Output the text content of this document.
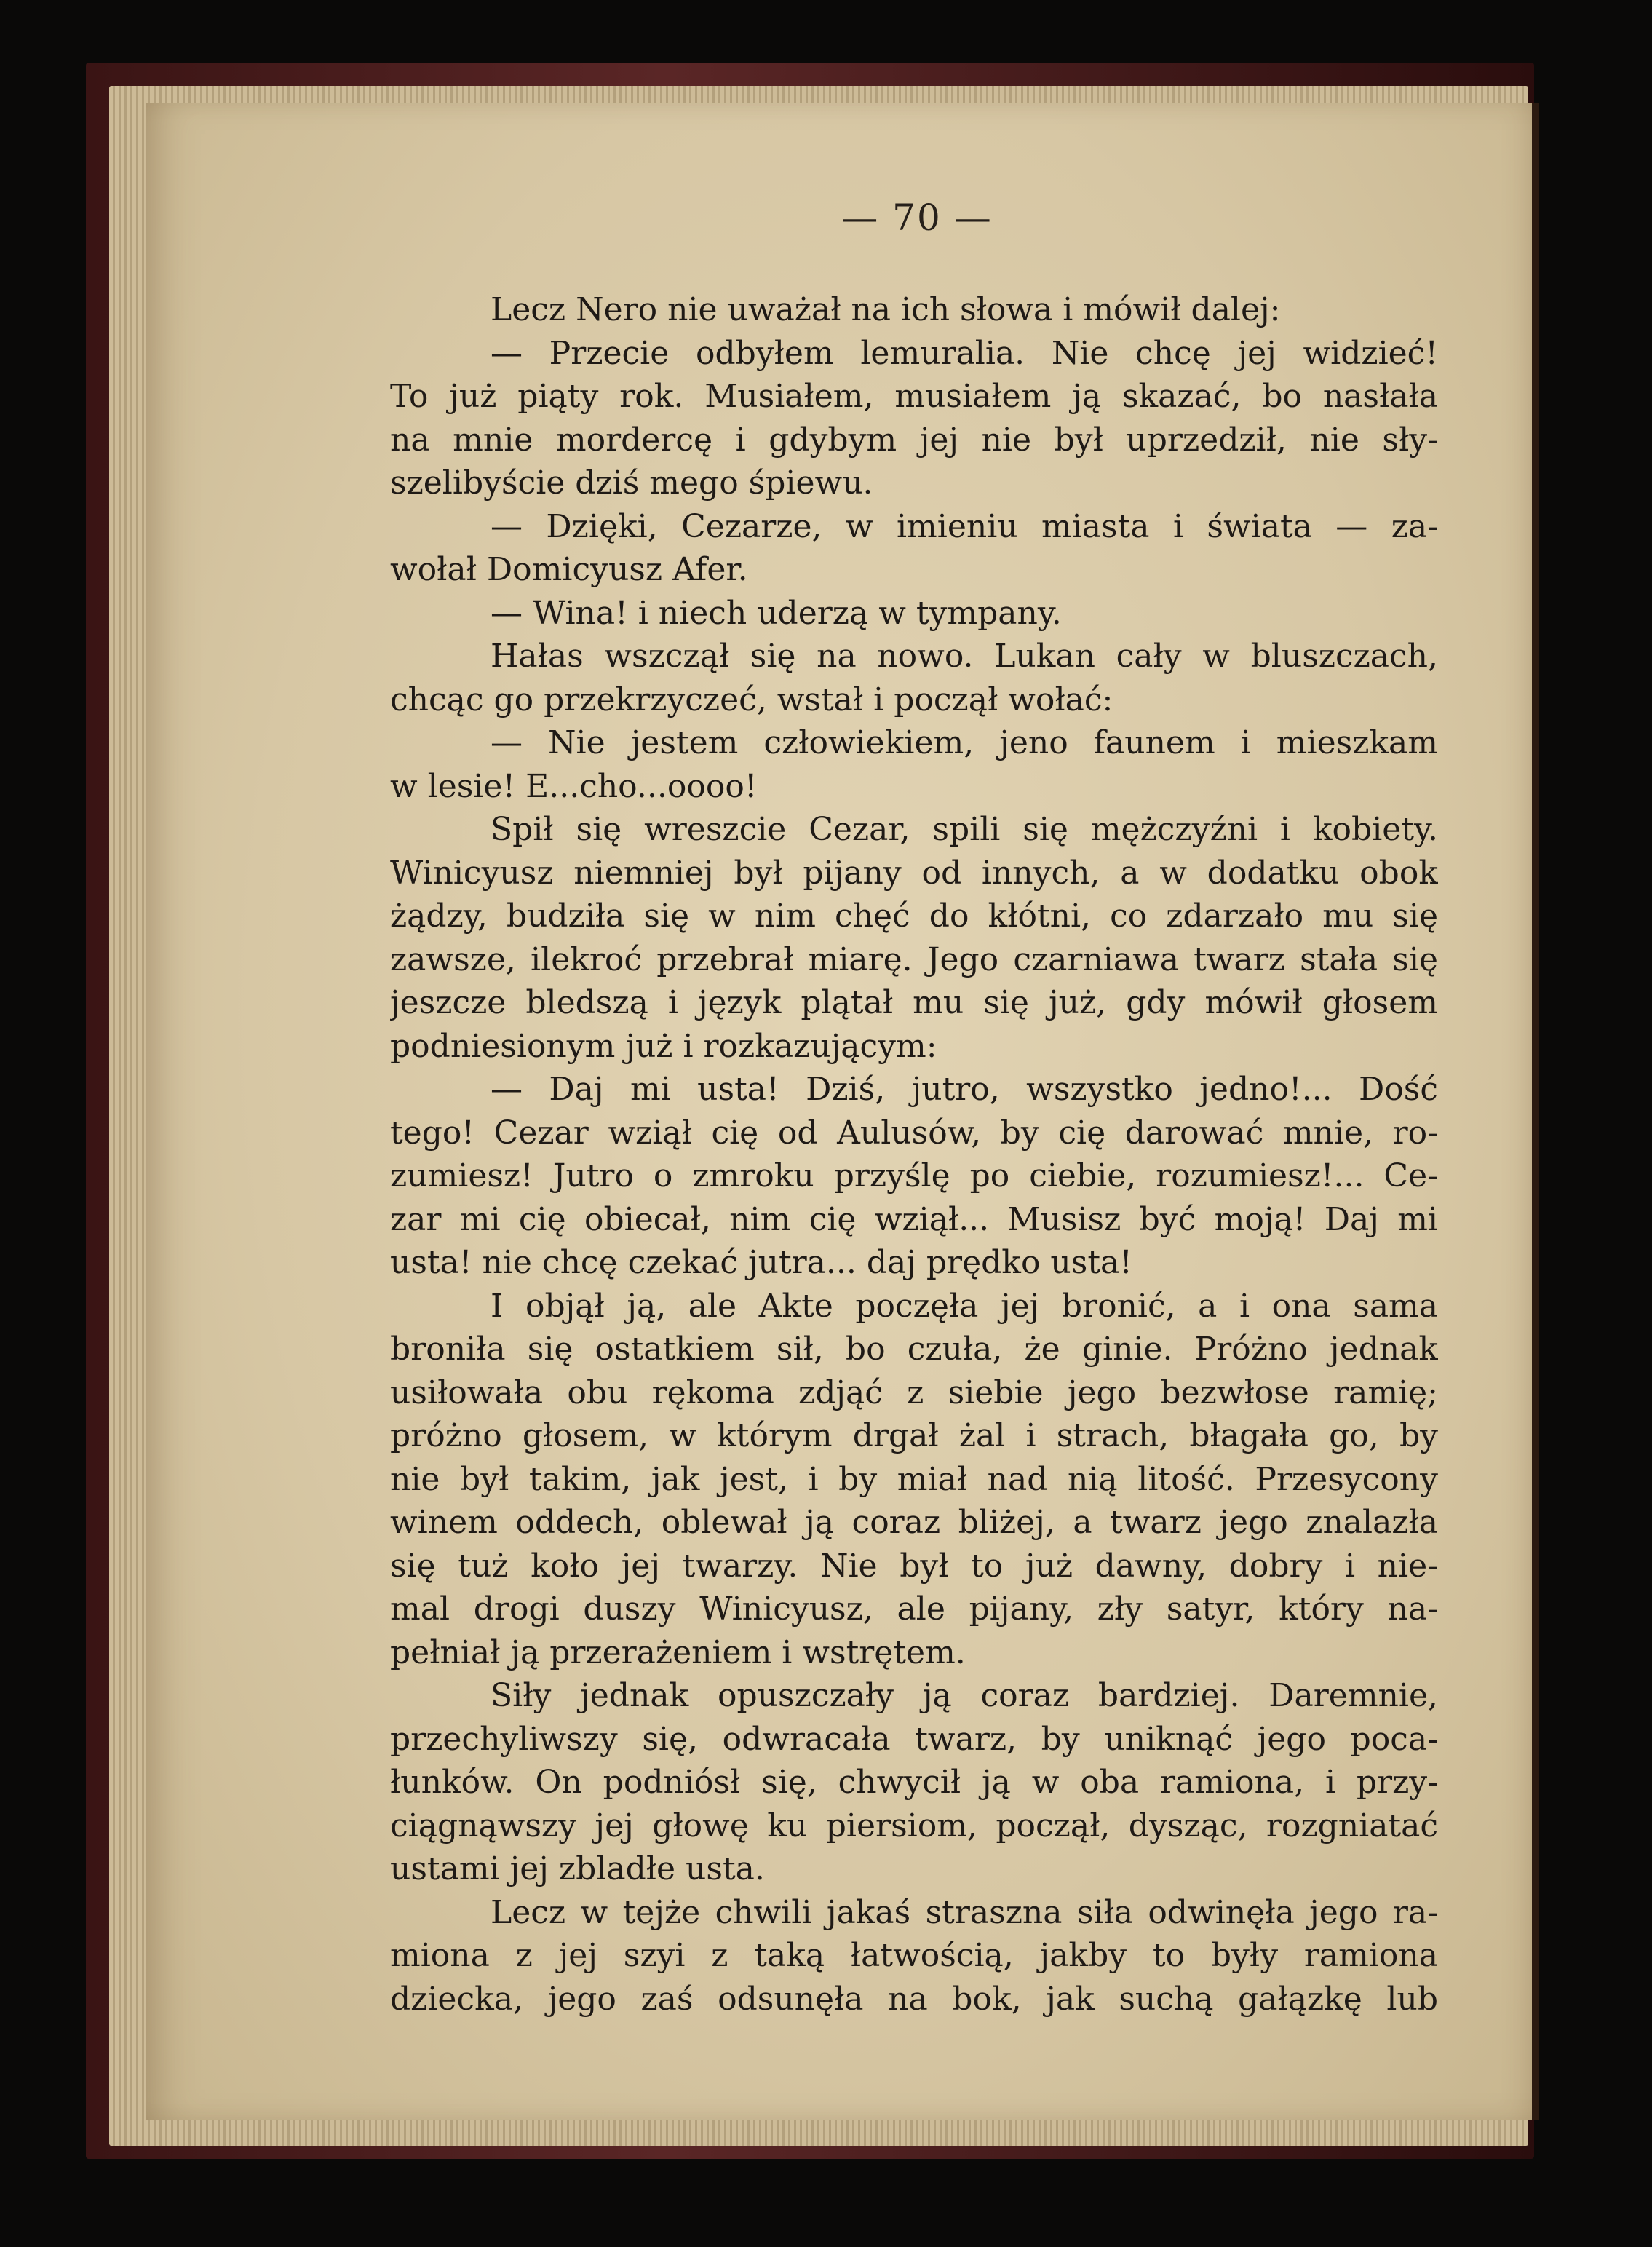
— 70 —
Lecz Nero nie uważał na ich słowa i mówił dalej:
— Przecie odbyłem lemuralia. Nie chcę jej widzieć!
To już piąty rok. Musiałem, musiałem ją skazać, bo nasłała
na mnie mordercę i gdybym jej nie był uprzedził, nie sły-
szelibyście dziś mego śpiewu.
— Dzięki, Cezarze, w imieniu miasta i świata — za-
wołał Domicyusz Afer.
— Wina! i niech uderzą w tympany.
Hałas wszczął się na nowo. Lukan cały w bluszczach,
chcąc go przekrzyczeć, wstał i począł wołać:
— Nie jestem człowiekiem, jeno faunem i mieszkam
w lesie! E...cho...oooo!
Spił się wreszcie Cezar, spili się mężczyźni i kobiety.
Winicyusz niemniej był pijany od innych, a w dodatku obok
żądzy, budziła się w nim chęć do kłótni, co zdarzało mu się
zawsze, ilekroć przebrał miarę. Jego czarniawa twarz stała się
jeszcze bledszą i język plątał mu się już, gdy mówił głosem
podniesionym już i rozkazującym:
— Daj mi usta! Dziś, jutro, wszystko jedno!... Dość
tego! Cezar wziął cię od Aulusów, by cię darować mnie, ro-
zumiesz! Jutro o zmroku przyślę po ciebie, rozumiesz!... Ce-
zar mi cię obiecał, nim cię wziął... Musisz być moją! Daj mi
usta! nie chcę czekać jutra... daj prędko usta!
I objął ją, ale Akte poczęła jej bronić, a i ona sama
broniła się ostatkiem sił, bo czuła, że ginie. Próżno jednak
usiłowała obu rękoma zdjąć z siebie jego bezwłose ramię;
próżno głosem, w którym drgał żal i strach, błagała go, by
nie był takim, jak jest, i by miał nad nią litość. Przesycony
winem oddech, oblewał ją coraz bliżej, a twarz jego znalazła
się tuż koło jej twarzy. Nie był to już dawny, dobry i nie-
mal drogi duszy Winicyusz, ale pijany, zły satyr, który na-
pełniał ją przerażeniem i wstrętem.
Siły jednak opuszczały ją coraz bardziej. Daremnie,
przechyliwszy się, odwracała twarz, by uniknąć jego poca-
łunków. On podniósł się, chwycił ją w oba ramiona, i przy-
ciągnąwszy jej głowę ku piersiom, począł, dysząc, rozgniatać
ustami jej zbladłe usta.
Lecz w tejże chwili jakaś straszna siła odwinęła jego ra-
miona z jej szyi z taką łatwością, jakby to były ramiona
dziecka, jego zaś odsunęła na bok, jak suchą gałązkę lub
